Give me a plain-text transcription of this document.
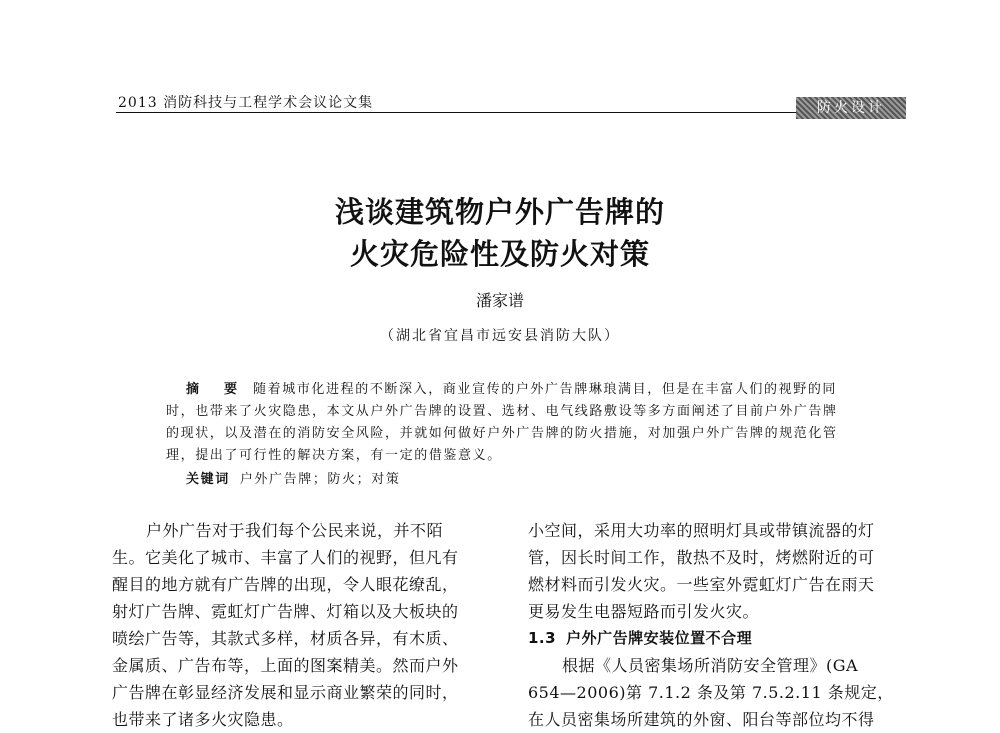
2013 消防科技与工程学术会议论文集	防火设计
浅谈建筑物户外广告牌的
火灾危险性及防火对策
潘家谱
（湖北省宜昌市远安县消防大队）
摘　要 随着城市化进程的不断深入，商业宣传的户外广告牌琳琅满目，但是在丰富人们的视野的同
时，也带来了火灾隐患，本文从户外广告牌的设置、选材、电气线路敷设等多方面阐述了目前户外广告牌
的现状，以及潜在的消防安全风险，并就如何做好户外广告牌的防火措施，对加强户外广告牌的规范化管
理，提出了可行性的解决方案，有一定的借鉴意义。
关键词 户外广告牌；防火；对策
户外广告对于我们每个公民来说，并不陌
生。它美化了城市、丰富了人们的视野，但凡有
醒目的地方就有广告牌的出现，令人眼花缭乱，
射灯广告牌、霓虹灯广告牌、灯箱以及大板块的
喷绘广告等，其款式多样，材质各异，有木质、
金属质、广告布等，上面的图案精美。然而户外
广告牌在彰显经济发展和显示商业繁荣的同时，
也带来了诸多火灾隐患。
小空间，采用大功率的照明灯具或带镇流器的灯
管，因长时间工作，散热不及时，烤燃附近的可
燃材料而引发火灾。一些室外霓虹灯广告在雨天
更易发生电器短路而引发火灾。
1.3 户外广告牌安装位置不合理
根据《人员密集场所消防安全管理》(GA
654—2006)第 7.1.2 条及第 7.5.2.11 条规定，
在人员密集场所建筑的外窗、阳台等部位均不得
